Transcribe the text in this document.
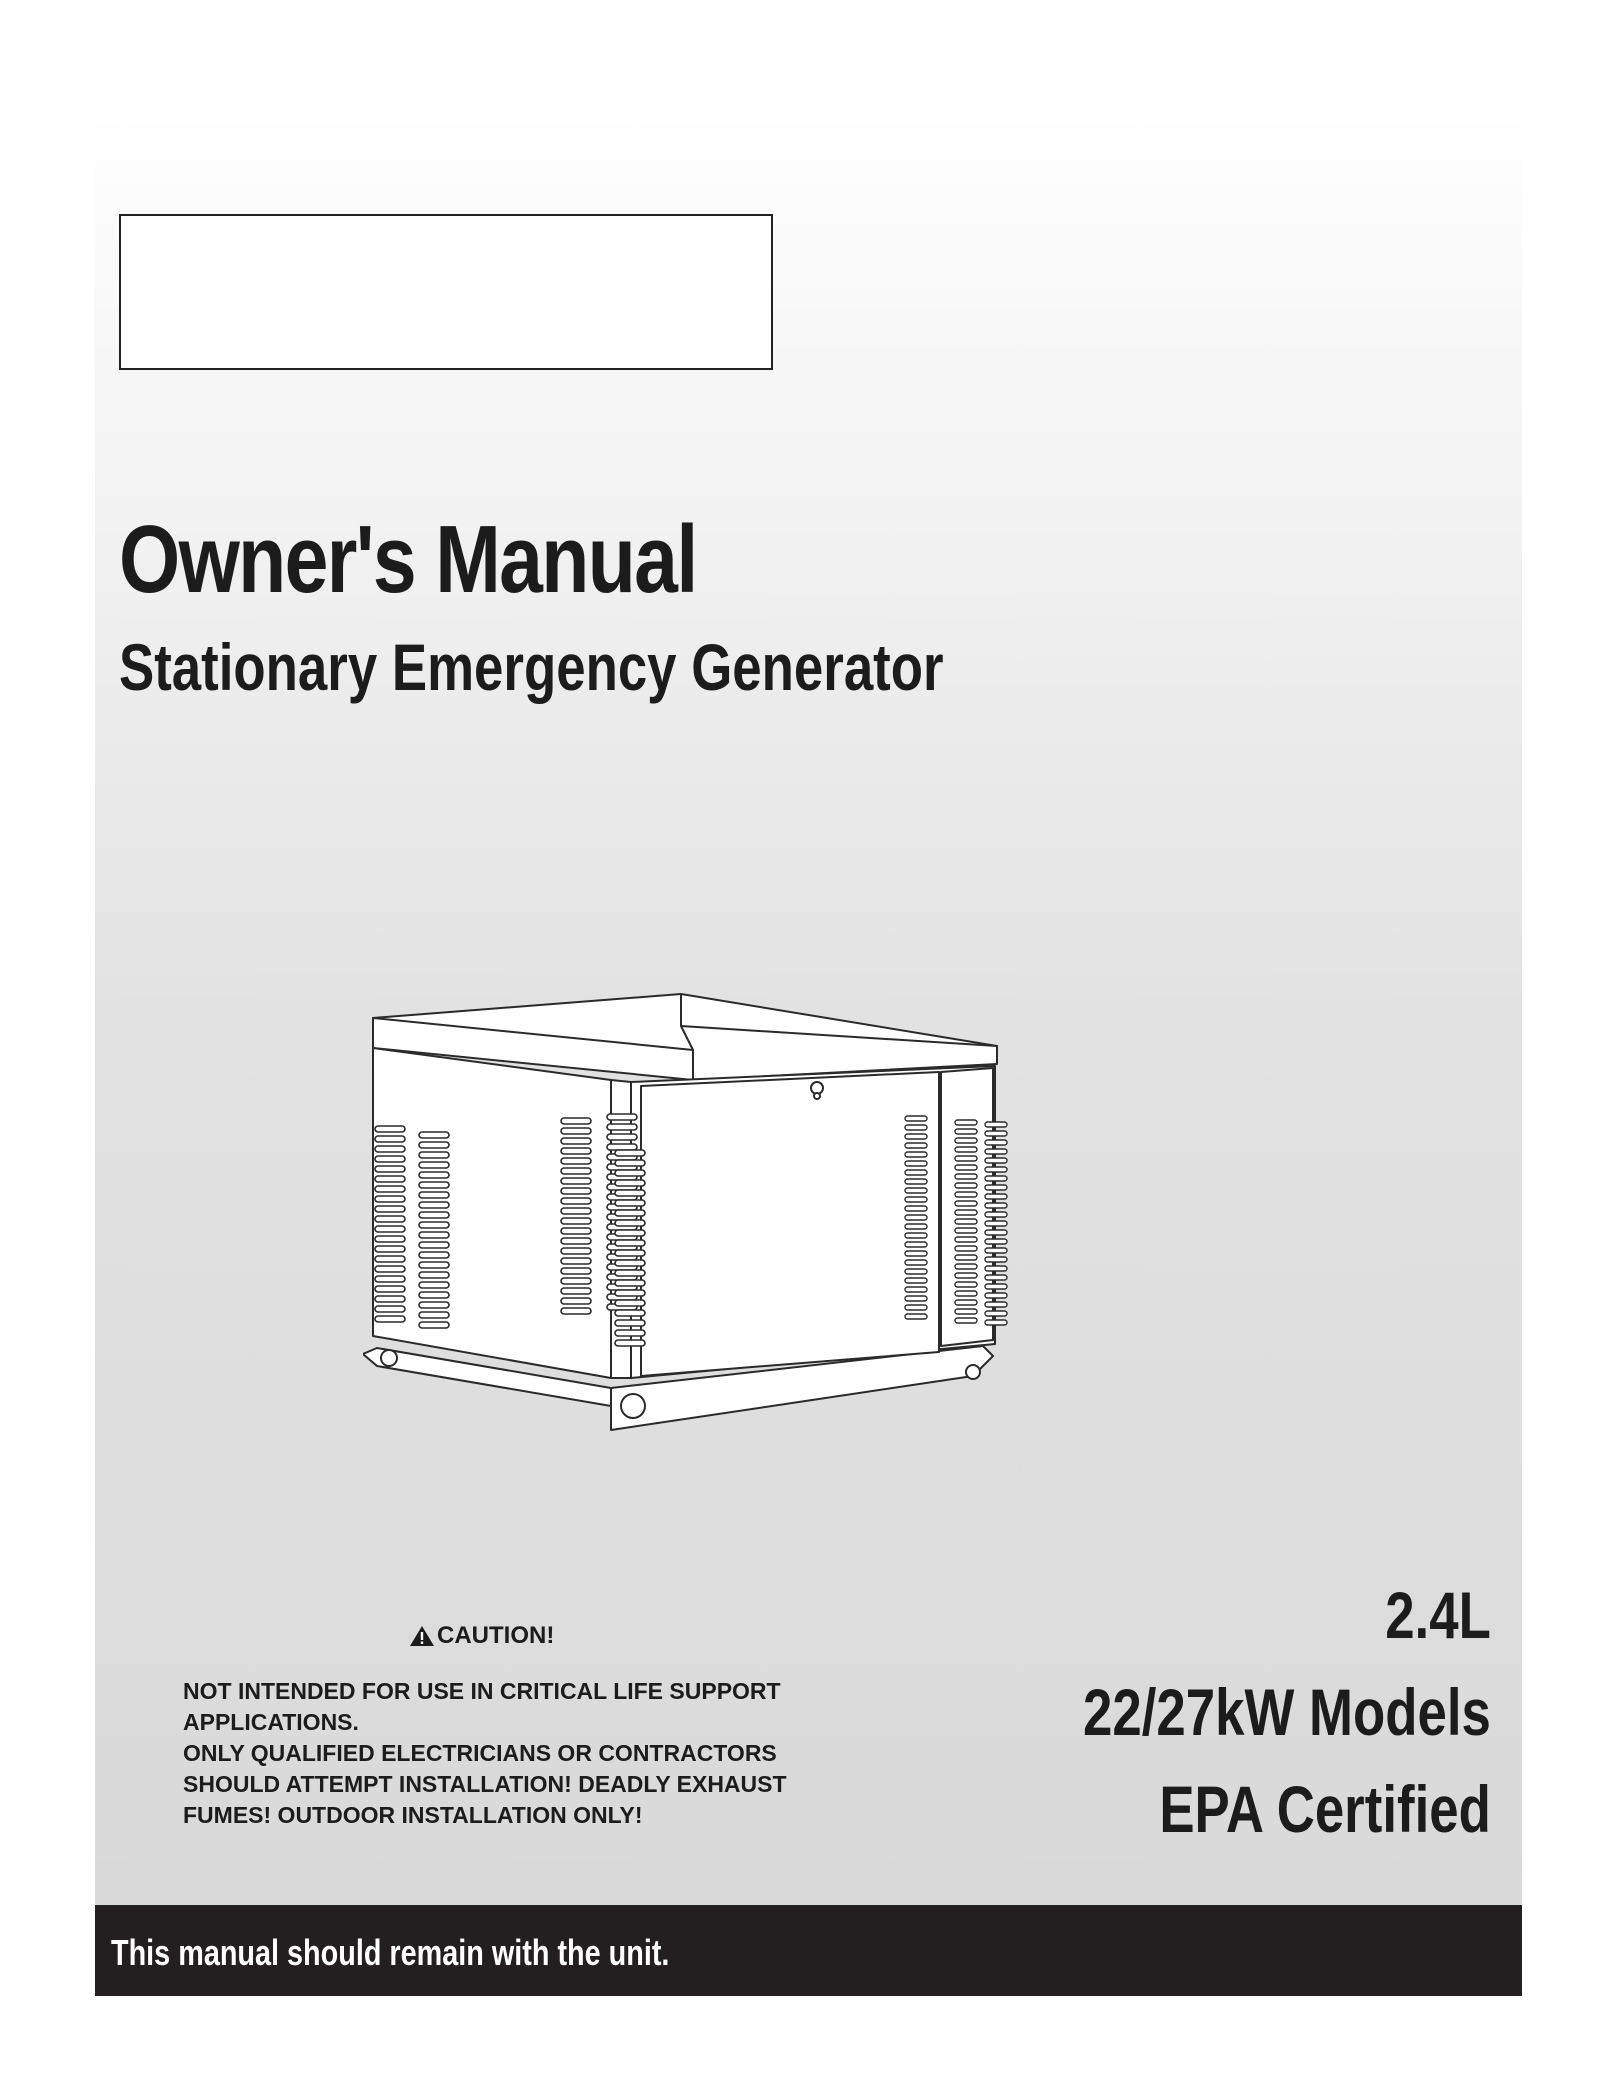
Owner's Manual
Stationary Emergency Generator
CAUTION!
NOT INTENDED FOR USE IN CRITICAL LIFE SUPPORT
APPLICATIONS.
ONLY QUALIFIED ELECTRICIANS OR CONTRACTORS
SHOULD ATTEMPT INSTALLATION! DEADLY EXHAUST
FUMES! OUTDOOR INSTALLATION ONLY!
2.4L
22/27kW Models
EPA Certified
This manual should remain with the unit.
